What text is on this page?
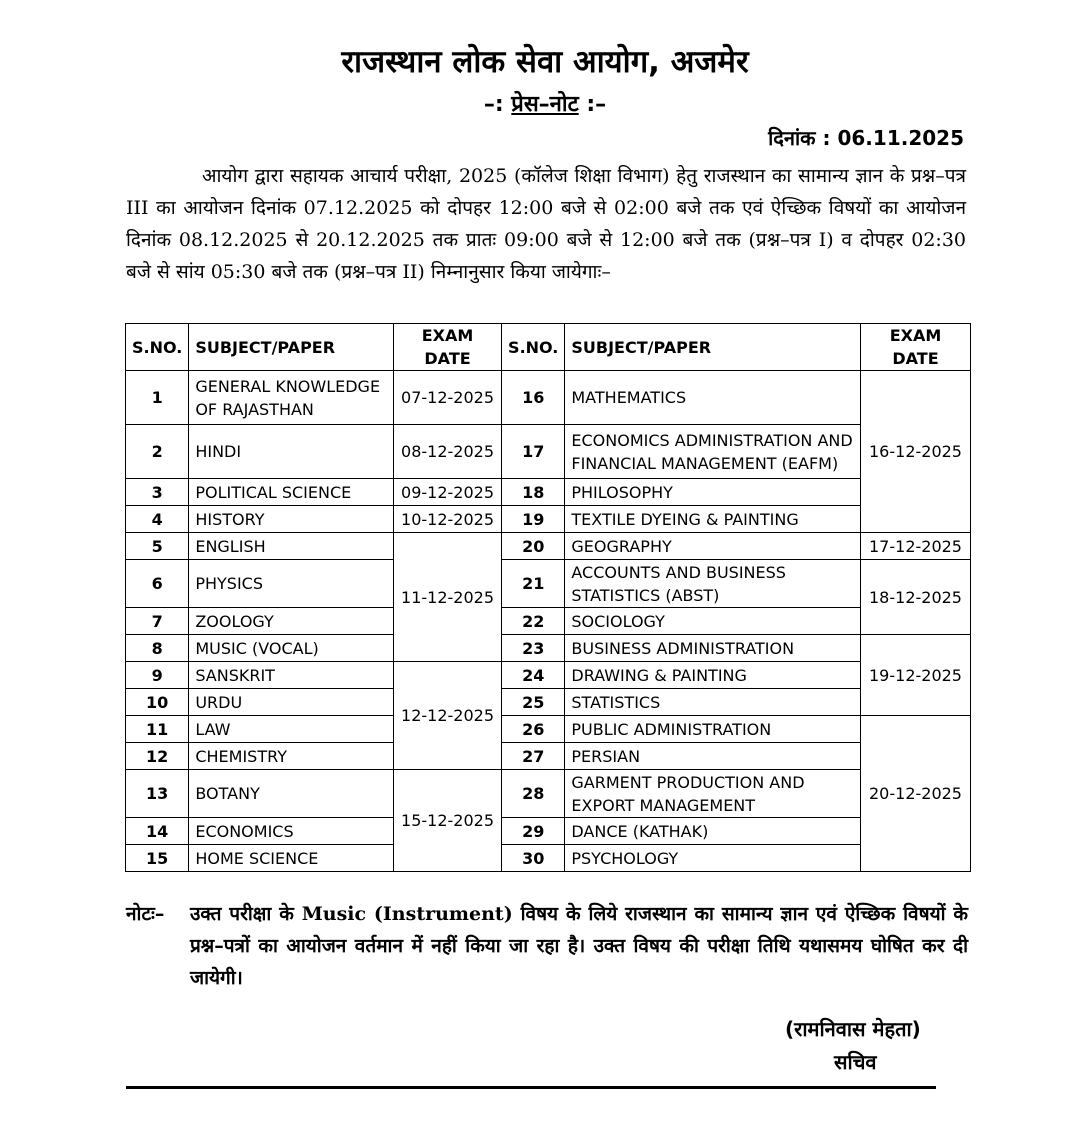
राजस्थान लोक सेवा आयोग, अजमेर
–: प्रेस–नोट :–
दिनांक : 06.11.2025
आयोग द्वारा सहायक आचार्य परीक्षा, 2025 (कॉलेज शिक्षा विभाग) हेतु राजस्थान का सामान्य ज्ञान के प्रश्न–पत्र III का आयोजन दिनांक 07.12.2025 को दोपहर 12:00 बजे से 02:00 बजे तक एवं ऐच्छिक विषयों का आयोजन दिनांक 08.12.2025 से 20.12.2025 तक प्रातः 09:00 बजे से 12:00 बजे तक (प्रश्न–पत्र I) व दोपहर 02:30 बजे से सांय 05:30 बजे तक (प्रश्न–पत्र II) निम्नानुसार किया जायेगाः–
S.NO.	SUBJECT/PAPER	EXAM DATE	S.NO.	SUBJECT/PAPER	EXAM DATE
1	GENERAL KNOWLEDGE OF RAJASTHAN	07-12-2025	16	MATHEMATICS	16-12-2025
2	HINDI	08-12-2025	17	ECONOMICS ADMINISTRATION AND FINANCIAL MANAGEMENT (EAFM)	
3	POLITICAL SCIENCE	09-12-2025	18	PHILOSOPHY	
4	HISTORY	10-12-2025	19	TEXTILE DYEING & PAINTING	
5	ENGLISH	11-12-2025	20	GEOGRAPHY	17-12-2025
6	PHYSICS		21	ACCOUNTS AND BUSINESS STATISTICS (ABST)	18-12-2025
7	ZOOLOGY		22	SOCIOLOGY	
8	MUSIC (VOCAL)		23	BUSINESS ADMINISTRATION	19-12-2025
9	SANSKRIT	12-12-2025	24	DRAWING & PAINTING	
10	URDU		25	STATISTICS	
11	LAW		26	PUBLIC ADMINISTRATION	20-12-2025
12	CHEMISTRY		27	PERSIAN	
13	BOTANY	15-12-2025	28	GARMENT PRODUCTION AND EXPORT MANAGEMENT	
14	ECONOMICS		29	DANCE (KATHAK)	
15	HOME SCIENCE		30	PSYCHOLOGY	
नोटः– उक्त परीक्षा के Music (Instrument) विषय के लिये राजस्थान का सामान्य ज्ञान एवं ऐच्छिक विषयों के प्रश्न–पत्रों का आयोजन वर्तमान में नहीं किया जा रहा है। उक्त विषय की परीक्षा तिथि यथासमय घोषित कर दी जायेगी।
(रामनिवास मेहता)
सचिव
